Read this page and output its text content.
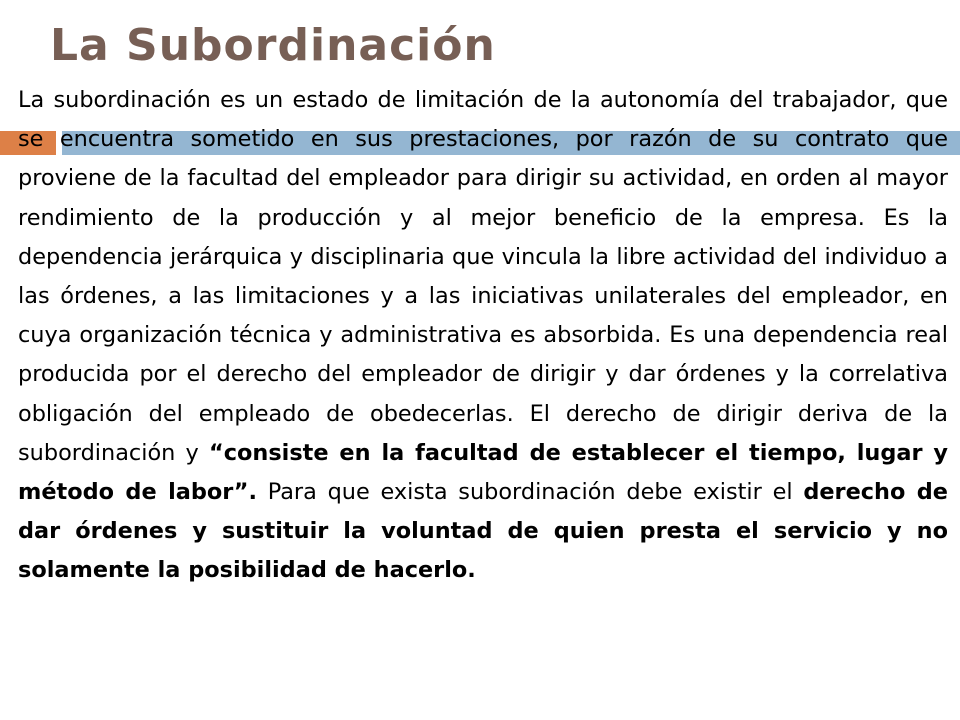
La Subordinación

La subordinación es un estado de limitación de la autonomía del trabajador, que se encuentra sometido en sus prestaciones, por razón de su contrato que proviene de la facultad del empleador para dirigir su actividad, en orden al mayor rendimiento de la producción y al mejor beneficio de la empresa. Es la dependencia jerárquica y disciplinaria que vincula la libre actividad del individuo a las órdenes, a las limitaciones y a las iniciativas unilaterales del empleador, en cuya organización técnica y administrativa es absorbida. Es una dependencia real producida por el derecho del empleador de dirigir y dar órdenes y la correlativa obligación del empleado de obedecerlas. El derecho de dirigir deriva de la subordinación y “consiste en la facultad de establecer el tiempo, lugar y método de labor”. Para que exista subordinación debe existir el derecho de dar órdenes y sustituir la voluntad de quien presta el servicio y no solamente la posibilidad de hacerlo.
